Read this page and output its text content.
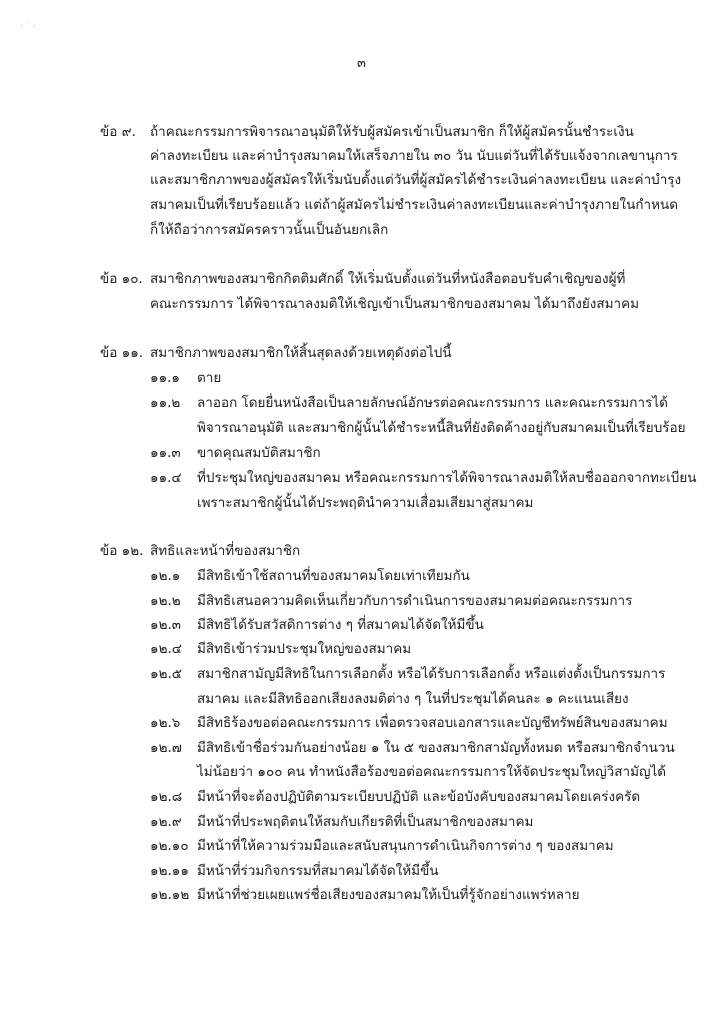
· ˙ ·
๓
ข้อ ๙. ถ้าคณะกรรมการพิจารณาอนุมัติให้รับผู้สมัครเข้าเป็นสมาชิก ก็ให้ผู้สมัครนั้นชำระเงิน
ค่าลงทะเบียน และค่าบำรุงสมาคมให้เสร็จภายใน ๓๐ วัน นับแต่วันที่ได้รับแจ้งจากเลขานุการ
และสมาชิกภาพของผู้สมัครให้เริ่มนับตั้งแต่วันที่ผู้สมัครได้ชำระเงินค่าลงทะเบียน และค่าบำรุง
สมาคมเป็นที่เรียบร้อยแล้ว แต่ถ้าผู้สมัครไม่ชำระเงินค่าลงทะเบียนและค่าบำรุงภายในกำหนด
ก็ให้ถือว่าการสมัครคราวนั้นเป็นอันยกเลิก
ข้อ ๑๐. สมาชิกภาพของสมาชิกกิตติมศักดิ์ ให้เริ่มนับตั้งแต่วันที่หนังสือตอบรับคำเชิญของผู้ที่
คณะกรรมการ ได้พิจารณาลงมติให้เชิญเข้าเป็นสมาชิกของสมาคม ได้มาถึงยังสมาคม
ข้อ ๑๑. สมาชิกภาพของสมาชิกให้สิ้นสุดลงด้วยเหตุดังต่อไปนี้
๑๑.๑ ตาย
๑๑.๒ ลาออก โดยยื่นหนังสือเป็นลายลักษณ์อักษรต่อคณะกรรมการ และคณะกรรมการได้
พิจารณาอนุมัติ และสมาชิกผู้นั้นได้ชำระหนี้สินที่ยังติดค้างอยู่กับสมาคมเป็นที่เรียบร้อย
๑๑.๓ ขาดคุณสมบัติสมาชิก
๑๑.๔ ที่ประชุมใหญ่ของสมาคม หรือคณะกรรมการได้พิจารณาลงมติให้ลบชื่อออกจากทะเบียน
เพราะสมาชิกผู้นั้นได้ประพฤตินำความเสื่อมเสียมาสู่สมาคม
ข้อ ๑๒. สิทธิและหน้าที่ของสมาชิก
๑๒.๑ มีสิทธิเข้าใช้สถานที่ของสมาคมโดยเท่าเทียมกัน
๑๒.๒ มีสิทธิเสนอความคิดเห็นเกี่ยวกับการดำเนินการของสมาคมต่อคณะกรรมการ
๑๒.๓ มีสิทธิได้รับสวัสดิการต่าง ๆ ที่สมาคมได้จัดให้มีขึ้น
๑๒.๔ มีสิทธิเข้าร่วมประชุมใหญ่ของสมาคม
๑๒.๕ สมาชิกสามัญมีสิทธิในการเลือกตั้ง หรือได้รับการเลือกตั้ง หรือแต่งตั้งเป็นกรรมการ
สมาคม และมีสิทธิออกเสียงลงมติต่าง ๆ ในที่ประชุมได้คนละ ๑ คะแนนเสียง
๑๒.๖ มีสิทธิร้องขอต่อคณะกรรมการ เพื่อตรวจสอบเอกสารและบัญชีทรัพย์สินของสมาคม
๑๒.๗ มีสิทธิเข้าชื่อร่วมกันอย่างน้อย ๑ ใน ๕ ของสมาชิกสามัญทั้งหมด หรือสมาชิกจำนวน
ไม่น้อยว่า ๑๐๐ คน ทำหนังสือร้องขอต่อคณะกรรมการให้จัดประชุมใหญ่วิสามัญได้
๑๒.๘ มีหน้าที่จะต้องปฏิบัติตามระเบียบปฏิบัติ และข้อบังคับของสมาคมโดยเคร่งครัด
๑๒.๙ มีหน้าที่ประพฤติตนให้สมกับเกียรติที่เป็นสมาชิกของสมาคม
๑๒.๑๐ มีหน้าที่ให้ความร่วมมือและสนับสนุนการดำเนินกิจการต่าง ๆ ของสมาคม
๑๒.๑๑ มีหน้าที่ร่วมกิจกรรมที่สมาคมได้จัดให้มีขึ้น
๑๒.๑๒ มีหน้าที่ช่วยเผยแพร่ชื่อเสียงของสมาคมให้เป็นที่รู้จักอย่างแพร่หลาย
